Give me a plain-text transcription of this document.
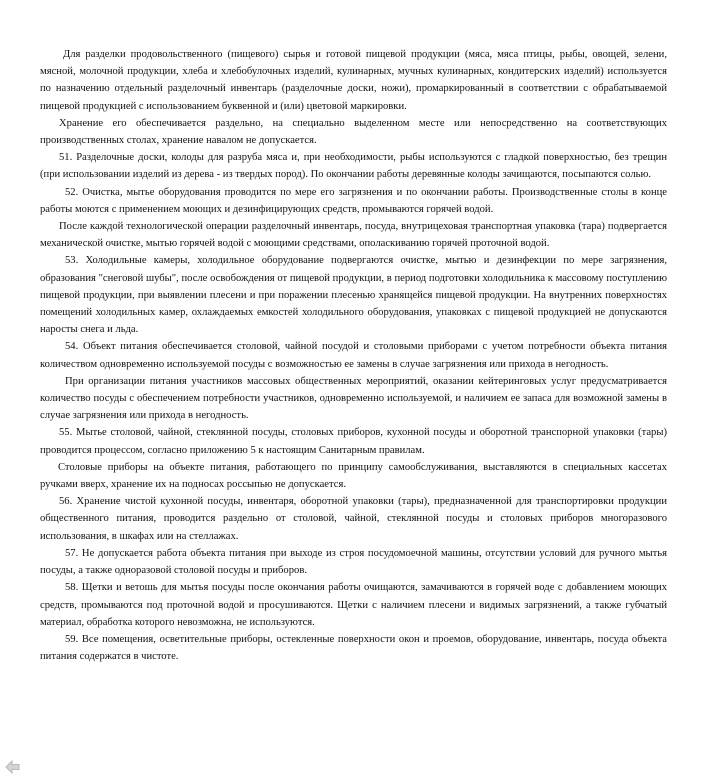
Для разделки продовольственного (пищевого) сырья и готовой пищевой продукции (мяса, мяса птицы, рыбы, овощей, зелени, мясной, молочной продукции, хлеба и хлебобулочных изделий, кулинарных, мучных кулинарных, кондитерских изделий) используется по назначению отдельный разделочный инвентарь (разделочные доски, ножи), промаркированный в соответствии с обрабатываемой пищевой продукцией с использованием буквенной и (или) цветовой маркировки.

Хранение его обеспечивается раздельно, на специально выделенном месте или непосредственно на соответствующих производственных столах, хранение навалом не допускается.

51. Разделочные доски, колоды для разруба мяса и, при необходимости, рыбы используются с гладкой поверхностью, без трещин (при использовании изделий из дерева - из твердых пород). По окончании работы деревянные колоды зачищаются, посыпаются солью.

52. Очистка, мытье оборудования проводится по мере его загрязнения и по окончании работы. Производственные столы в конце работы моются с применением моющих и дезинфицирующих средств, промываются горячей водой.

После каждой технологической операции разделочный инвентарь, посуда, внутрицеховая транспортная упаковка (тара) подвергается механической очистке, мытью горячей водой с моющими средствами, ополаскиванию горячей проточной водой.

53. Холодильные камеры, холодильное оборудование подвергаются очистке, мытью и дезинфекции по мере загрязнения, образования "снеговой шубы", после освобождения от пищевой продукции, в период подготовки холодильника к массовому поступлению пищевой продукции, при выявлении плесени и при поражении плесенью хранящейся пищевой продукции. На внутренних поверхностях помещений холодильных камер, охлаждаемых емкостей холодильного оборудования, упаковках с пищевой продукцией не допускаются наросты снега и льда.

54. Объект питания обеспечивается столовой, чайной посудой и столовыми приборами с учетом потребности объекта питания количеством одновременно используемой посуды с возможностью ее замены в случае загрязнения или прихода в негодность.

При организации питания участников массовых общественных мероприятий, оказании кейтеринговых услуг предусматривается количество посуды с обеспечением потребности участников, одновременно используемой, и наличием ее запаса для возможной замены в случае загрязнения или прихода в негодность.

55. Мытье столовой, чайной, стеклянной посуды, столовых приборов, кухонной посуды и оборотной транспорной упаковки (тары) проводится процессом, согласно приложению 5 к настоящим Санитарным правилам.

Столовые приборы на объекте питания, работающего по принципу самообслуживания, выставляются в специальных кассетах ручками вверх, хранение их на подносах россыпью не допускается.

56. Хранение чистой кухонной посуды, инвентаря, оборотной упаковки (тары), предназначенной для транспортировки продукции общественного питания, проводится раздельно от столовой, чайной, стеклянной посуды и столовых приборов многоразового использования, в шкафах или на стеллажах.

57. Не допускается работа объекта питания при выходе из строя посудомоечной машины, отсутствии условий для ручного мытья посуды, а также одноразовой столовой посуды и приборов.

58. Щетки и ветошь для мытья посуды после окончания работы очищаются, замачиваются в горячей воде с добавлением моющих средств, промываются под проточной водой и просушиваются. Щетки с наличием плесени и видимых загрязнений, а также губчатый материал, обработка которого невозможна, не используются.

59. Все помещения, осветительные приборы, остекленные поверхности окон и проемов, оборудование, инвентарь, посуда объекта питания содержатся в чистоте.
